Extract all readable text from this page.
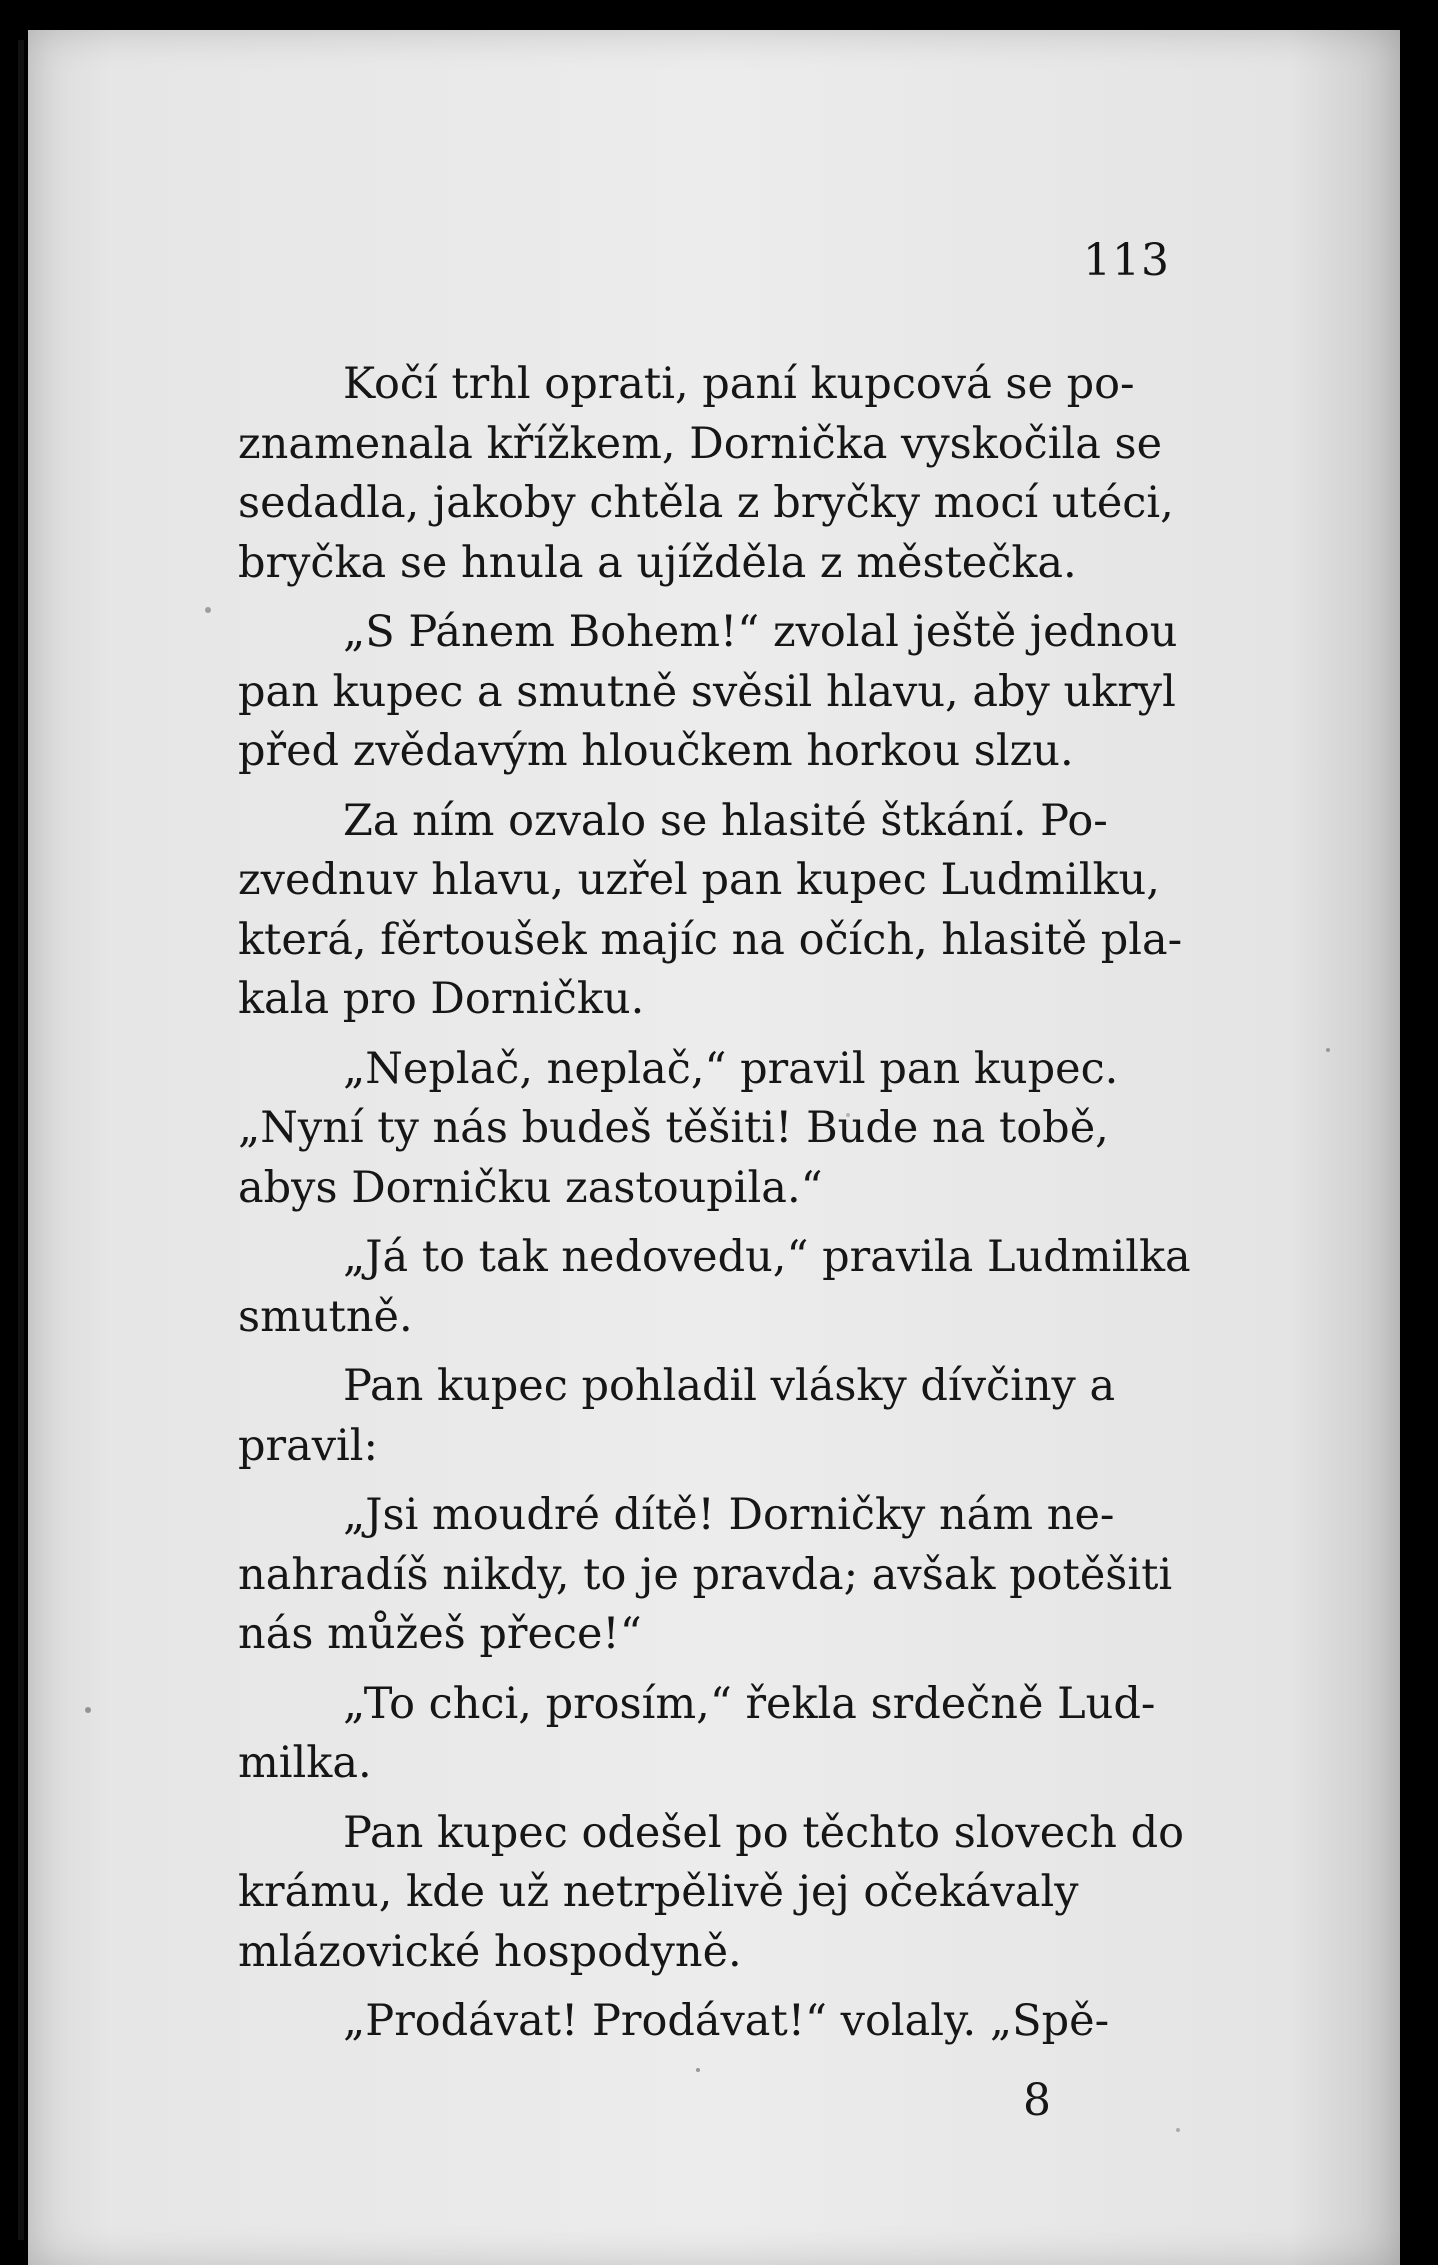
113

Kočí trhl oprati, paní kupcová se po-
znamenala křížkem, Dornička vyskočila se
sedadla, jakoby chtěla z bryčky mocí utéci,
bryčka se hnula a ujížděla z městečka.

„S Pánem Bohem!“ zvolal ještě jednou
pan kupec a smutně svěsil hlavu, aby ukryl
před zvědavým hloučkem horkou slzu.

Za ním ozvalo se hlasité štkání. Po-
zvednuv hlavu, uzřel pan kupec Ludmilku,
která, fěrtoušek majíc na očích, hlasitě pla-
kala pro Dorničku.

„Neplač, neplač,“ pravil pan kupec.
„Nyní ty nás budeš těšiti! Bude na tobě,
abys Dorničku zastoupila.“

„Já to tak nedovedu,“ pravila Ludmilka
smutně.

Pan kupec pohladil vlásky dívčiny a
pravil:

„Jsi moudré dítě! Dorničky nám ne-
nahradíš nikdy, to je pravda; avšak potěšiti
nás můžeš přece!“

„To chci, prosím,“ řekla srdečně Lud-
milka.

Pan kupec odešel po těchto slovech do
krámu, kde už netrpělivě jej očekávaly
mlázovické hospodyně.

„Prodávat! Prodávat!“ volaly. „Spě-

8
